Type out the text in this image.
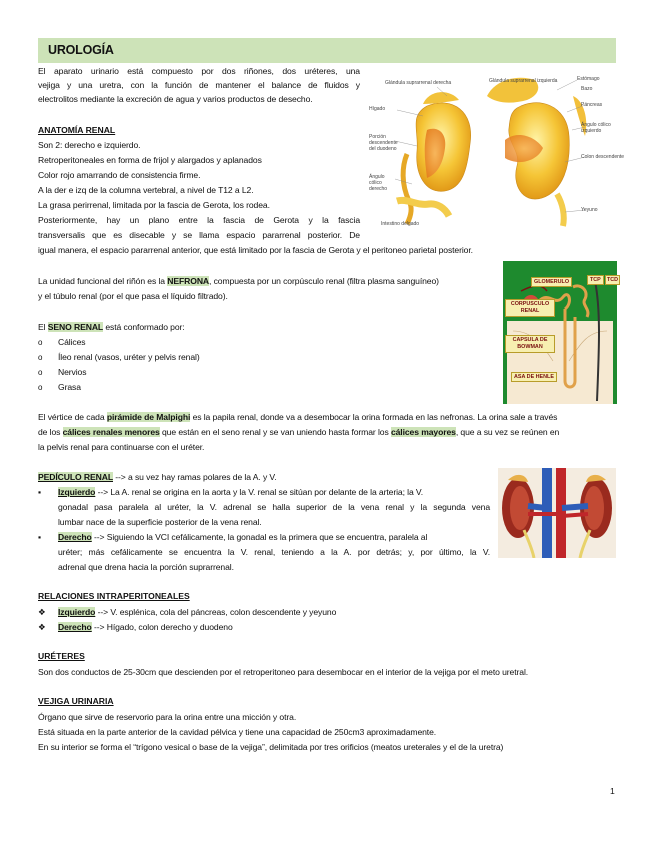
UROLOGÍA
El aparato urinario está compuesto por dos riñones, dos uréteres, una
vejiga y una uretra, con la función de mantener el balance de fluidos y
electrolitos mediante la excreción de agua y varios productos de desecho.
Glándula suprarrenal derecha	Glándula suprarrenal izquierda	Estómago
Bazo
Páncreas
Hígado
Ángulo cólico izquierdo
Porción descendente del duodeno
Colon descendente
Ángulo cólico derecho
Yeyuno
Intestino delgado
ANATOMÍA RENAL
Son 2: derecho e izquierdo.
Retroperitoneales en forma de frijol y alargados y aplanados
Color rojo amarrando de consistencia firme.
A la der e izq de la columna vertebral, a nivel de T12 a L2.
La grasa perirrenal, limitada por la fascia de Gerota, los rodea.
Posteriormente, hay un plano entre la fascia de Gerota y la fascia
transversalis que es disecable y se llama espacio pararrenal posterior. De
igual manera, el espacio pararrenal anterior, que está limitado por la fascia de Gerota y el peritoneo parietal posterior.
La unidad funcional del riñón es la NEFRONA, compuesta por un corpúsculo renal (filtra plasma sanguíneo)
y el túbulo renal (por el que pasa el líquido filtrado).
GLOMERULO	TCP	TCD
CORPUSCULO RENAL
CAPSULA DE BOWMAN
ASA DE HENLE
El SENO RENAL está conformado por:
o Cálices
o Íleo renal (vasos, uréter y pelvis renal)
o Nervios
o Grasa
El vértice de cada pirámide de Malpighi es la papila renal, donde va a desembocar la orina formada en las nefronas. La orina sale a través
de los cálices renales menores que están en el seno renal y se van uniendo hasta formar los cálices mayores, que a su vez se reúnen en
la pelvis renal para continuarse con el uréter.
PEDÍCULO RENAL --> a su vez hay ramas polares de la A. y V.
▪ Izquierdo --> La A. renal se origina en la aorta y la V. renal se sitúan por delante de la arteria; la V.
gonadal pasa paralela al uréter, la V. adrenal se halla superior de la vena renal y la segunda vena
lumbar nace de la superficie posterior de la vena renal.
▪ Derecho --> Siguiendo la VCI cefálicamente, la gonadal es la primera que se encuentra, paralela al
uréter; más cefálicamente se encuentra la V. renal, teniendo a la A. por detrás; y, por último, la V.
adrenal que drena hacia la porción suprarrenal.
RELACIONES INTRAPERITONEALES
❖ Izquierdo --> V. esplénica, cola del páncreas, colon descendente y yeyuno
❖ Derecho --> Hígado, colon derecho y duodeno
URÉTERES
Son dos conductos de 25-30cm que descienden por el retroperitoneo para desembocar en el interior de la vejiga por el meto uretral.
VEJIGA URINARIA
Órgano que sirve de reservorio para la orina entre una micción y otra.
Está situada en la parte anterior de la cavidad pélvica y tiene una capacidad de 250cm3 aproximadamente.
En su interior se forma el “trígono vesical o base de la vejiga”, delimitada por tres orificios (meatos ureterales y el de la uretra)
1
